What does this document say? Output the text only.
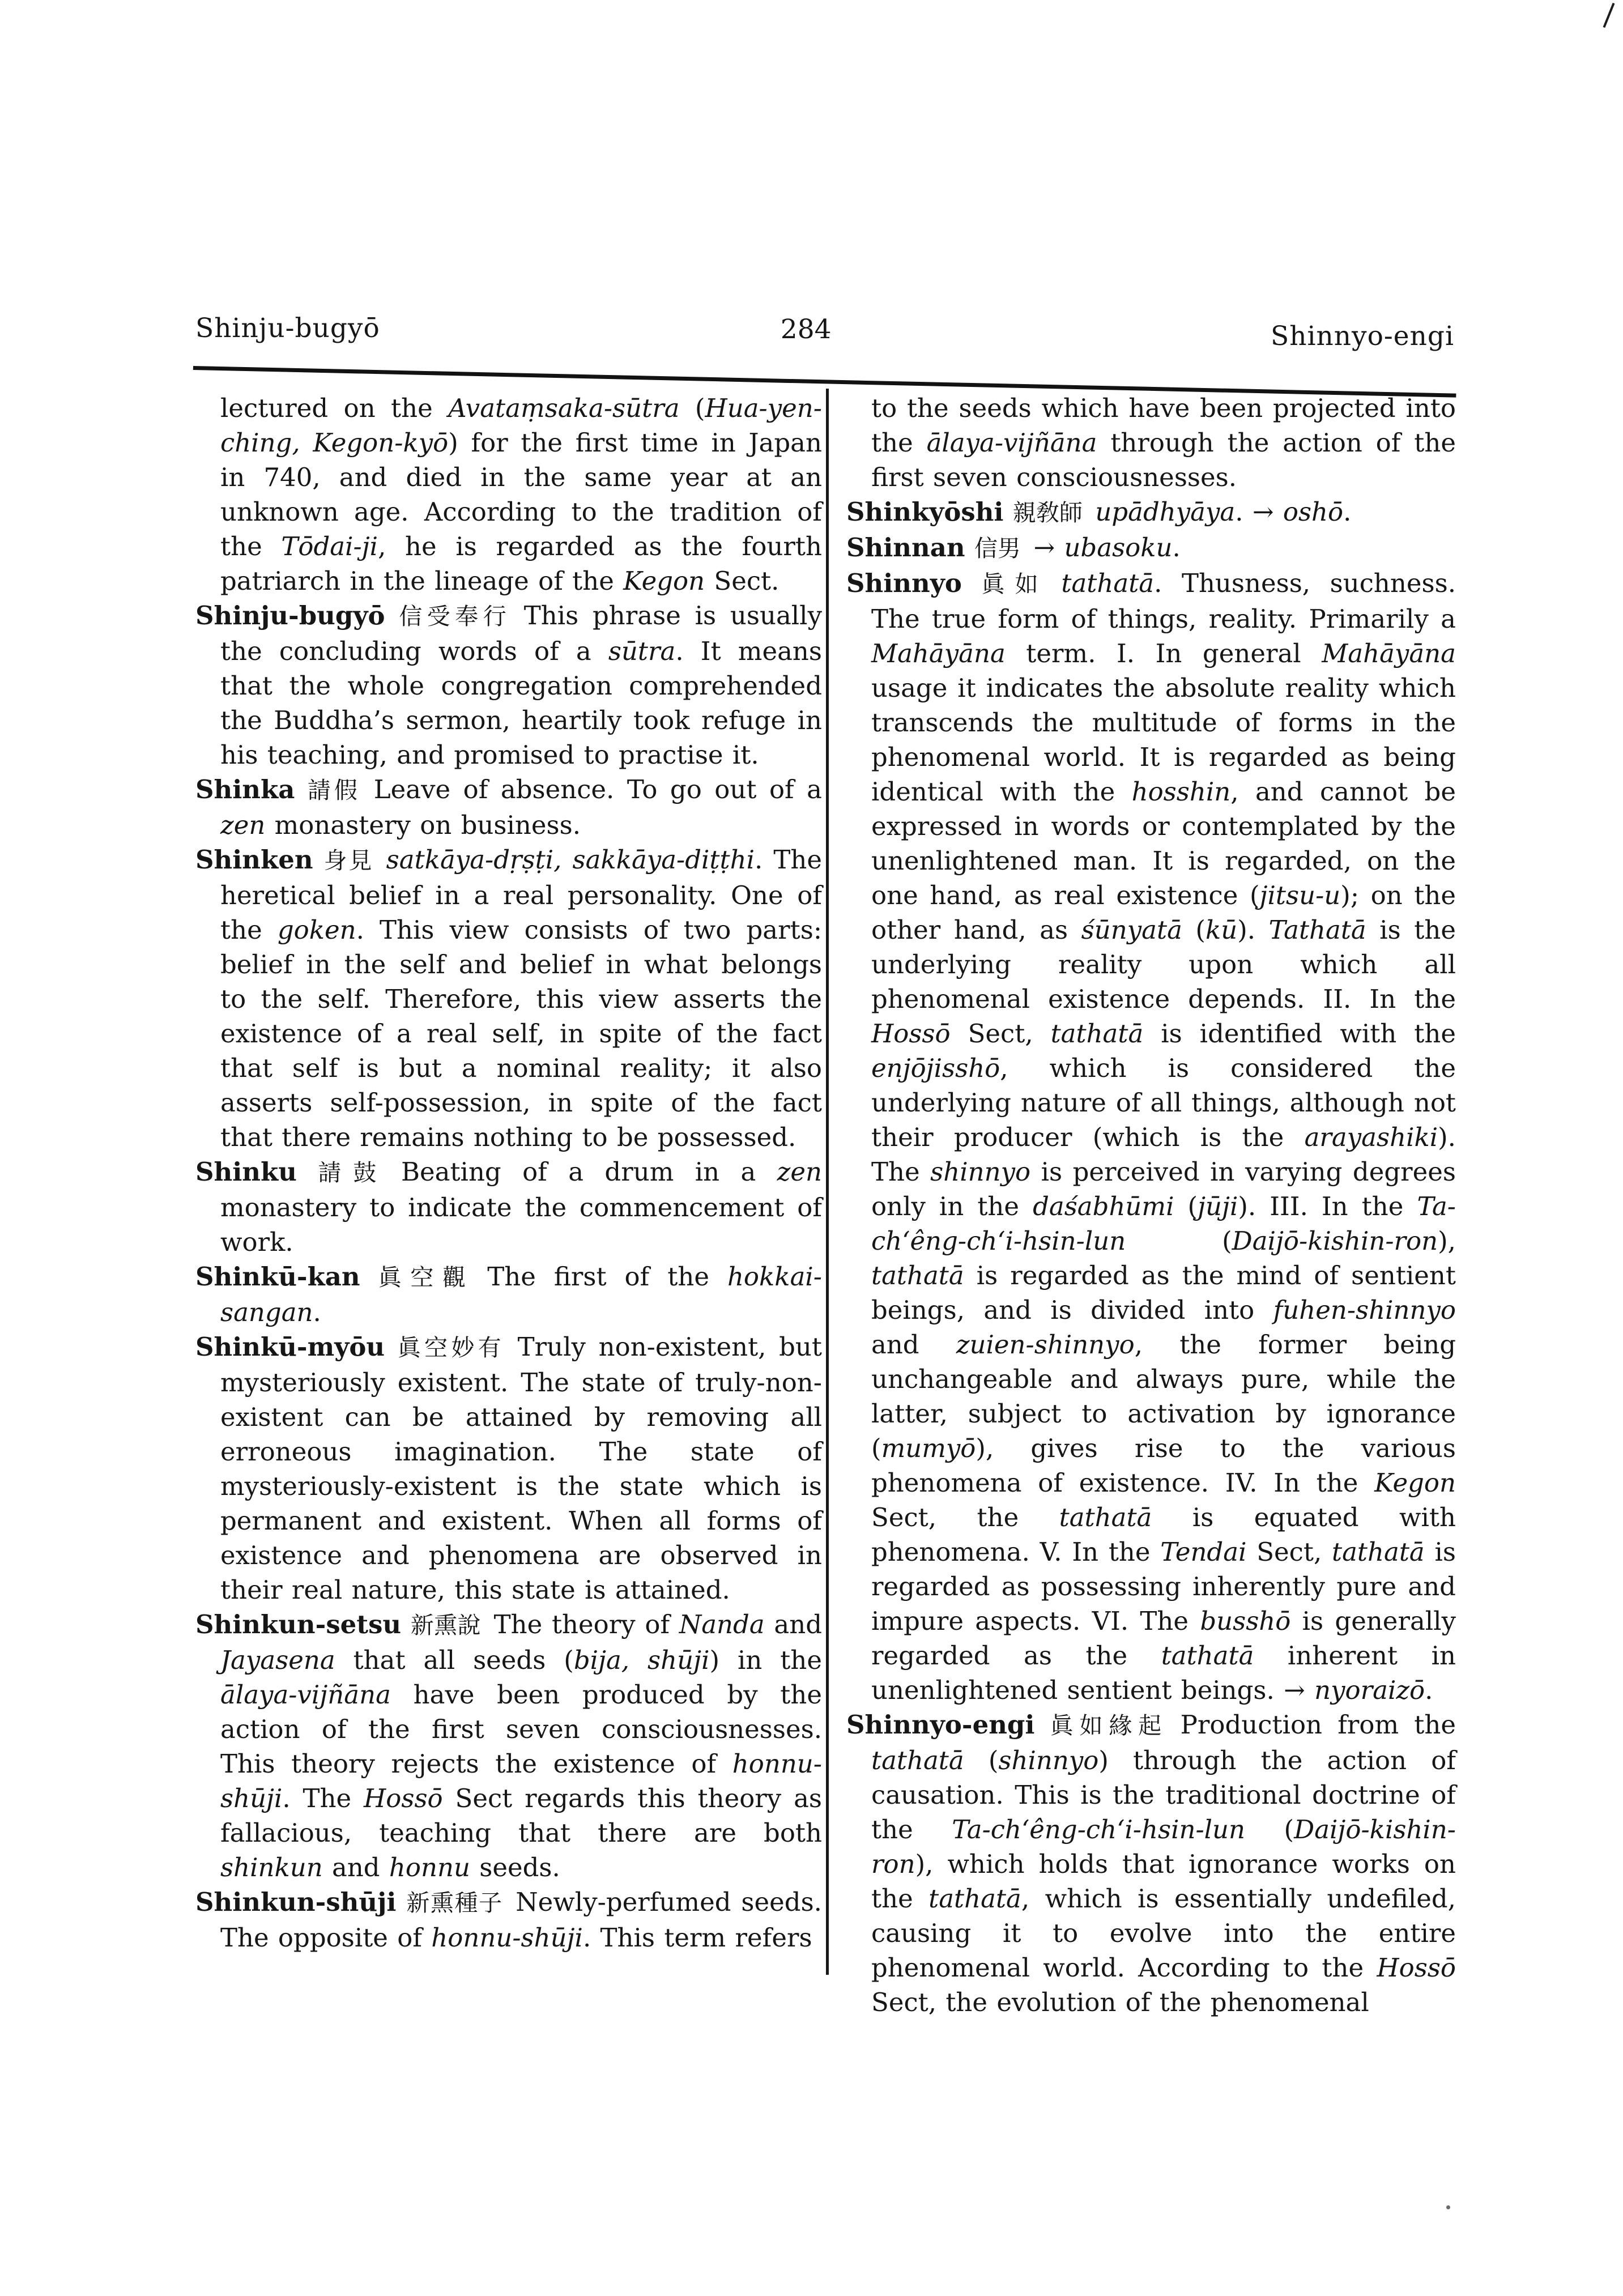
Shinju-bugyō	284	Shinnyo-engi

lectured on the Avataṃsaka-sūtra (Hua-yen-ching, Kegon-kyō) for the first time in Japan in 740, and died in the same year at an unknown age. According to the tradition of the Tōdai-ji, he is regarded as the fourth patriarch in the lineage of the Kegon Sect.

Shinju-bugyō 信受奉行  This phrase is usually the concluding words of a sūtra. It means that the whole congregation comprehended the Buddha’s sermon, heartily took refuge in his teaching, and promised to practise it.

Shinka 請假  Leave of absence. To go out of a zen monastery on business.

Shinken 身見  satkāya-dṛṣṭi, sakkāya-diṭṭhi. The heretical belief in a real personality. One of the goken. This view consists of two parts: belief in the self and belief in what belongs to the self. Therefore, this view asserts the existence of a real self, in spite of the fact that self is but a nominal reality; it also asserts self-possession, in spite of the fact that there remains nothing to be possessed.

Shinku 請鼓  Beating of a drum in a zen monastery to indicate the commencement of work.

Shinkū-kan 眞空觀  The first of the hokkai-sangan.

Shinkū-myōu 眞空妙有  Truly non-existent, but mysteriously existent. The state of truly-non-existent can be attained by removing all erroneous imagination. The state of mysteriously-existent is the state which is permanent and existent. When all forms of existence and phenomena are observed in their real nature, this state is attained.

Shinkun-setsu 新熏說  The theory of Nanda and Jayasena that all seeds (bija, shūji) in the ālaya-vijñāna have been produced by the action of the first seven consciousnesses. This theory rejects the existence of honnu-shūji. The Hossō Sect regards this theory as fallacious, teaching that there are both shinkun and honnu seeds.

Shinkun-shūji 新熏種子  Newly-perfumed seeds. The opposite of honnu-shūji. This term refers

to the seeds which have been projected into the ālaya-vijñāna through the action of the first seven consciousnesses.

Shinkyōshi 親敎師  upādhyāya. → oshō.

Shinnan 信男  → ubasoku.

Shinnyo 眞如  tathatā. Thusness, suchness. The true form of things, reality. Primarily a Mahāyāna term. I. In general Mahāyāna usage it indicates the absolute reality which transcends the multitude of forms in the phenomenal world. It is regarded as being identical with the hosshin, and cannot be expressed in words or contemplated by the unenlightened man. It is regarded, on the one hand, as real existence (jitsu-u); on the other hand, as śūnyatā (kū). Tathatā is the underlying reality upon which all phenomenal existence depends. II. In the Hossō Sect, tathatā is identified with the enjōjisshō, which is considered the underlying nature of all things, although not their producer (which is the arayashiki). The shinnyo is perceived in varying degrees only in the daśabhūmi (jūji). III. In the Ta-ch‘êng-ch‘i-hsin-lun (Daijō-kishin-ron), tathatā is regarded as the mind of sentient beings, and is divided into fuhen-shinnyo and zuien-shinnyo, the former being unchangeable and always pure, while the latter, subject to activation by ignorance (mumyō), gives rise to the various phenomena of existence. IV. In the Kegon Sect, the tathatā is equated with phenomena. V. In the Tendai Sect, tathatā is regarded as possessing inherently pure and impure aspects. VI. The busshō is generally regarded as the tathatā inherent in unenlightened sentient beings. → nyoraizō.

Shinnyo-engi 眞如緣起  Production from the tathatā (shinnyo) through the action of causation. This is the traditional doctrine of the Ta-ch‘êng-ch‘i-hsin-lun (Daijō-kishin-ron), which holds that ignorance works on the tathatā, which is essentially undefiled, causing it to evolve into the entire phenomenal world. According to the Hossō Sect, the evolution of the phenomenal
